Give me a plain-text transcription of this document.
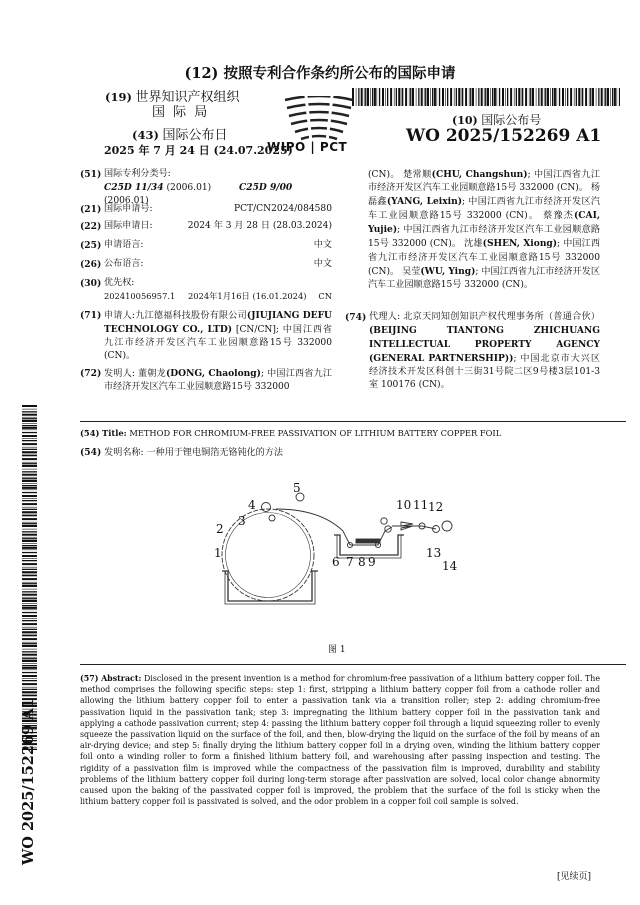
(12) 按照专利合作条约所公布的国际申请
(19) 世界知识产权组织
国 际 局
(43) 国际公布日
2025 年 7 月 24 日 (24.07.2025)
(10) 国际公布号
WO 2025/152269 A1
WIPO | PCT
(51) 国际专利分类号:
C25D 11/34 (2006.01)	C25D 9/00 (2006.01)
(21) 国际申请号:	PCT/CN2024/084580
(22) 国际申请日:	2024 年 3 月 28 日 (28.03.2024)
(25) 申请语言:	中文
(26) 公布语言:	中文
(30) 优先权:
202410056957.1 2024年1月16日 (16.01.2024) CN
(71) 申请人:九江德福科技股份有限公司(JIUJIANG DEFU TECHNOLOGY CO., LTD) [CN/CN]; 中国江西省九江市经济开发区汽车工业园顺意路15号 332000 (CN)。
(72) 发明人: 董朝龙(DONG, Chaolong); 中国江西省九江市经济开发区汽车工业园顺意路15号 332000
(CN)。 楚常顺(CHU, Changshun); 中国江西省九江市经济开发区汽车工业园顺意路15号 332000 (CN)。 杨磊鑫(YANG, Leixin); 中国江西省九江市经济开发区汽车工业园顺意路15号 332000 (CN)。 蔡豫杰(CAI, Yujie); 中国江西省九江市经济开发区汽车工业园顺意路15号 332000 (CN)。 沈雄(SHEN, Xiong); 中国江西省九江市经济开发区汽车工业园顺意路15号 332000 (CN)。 吴莹(WU, Ying); 中国江西省九江市经济开发区汽车工业园顺意路15号 332000 (CN)。
(74) 代理人: 北京天同知创知识产权代理事务所（普通合伙）(BEIJING TIANTONG ZHICHUANG INTELLECTUAL PROPERTY AGENCY (GENERAL PARTNERSHIP)); 中国北京市大兴区经济技术开发区科创十三街31号院二区9号楼3层101-3室 100176 (CN)。
WO 2025/152269 A1
(54) Title: METHOD FOR CHROMIUM-FREE PASSIVATION OF LITHIUM BATTERY COPPER FOIL
(54) 发明名称: 一种用于锂电铜箔无铬钝化的方法
1
2
3
4
5
6 7 8 9
10 11 12
13
14
图 1
(57) Abstract: Disclosed in the present invention is a method for chromium-free passivation of a lithium battery copper foil. The method comprises the following specific steps: step 1: first, stripping a lithium battery copper foil from a cathode roller and allowing the lithium battery copper foil to enter a passivation tank via a transition roller; step 2: adding chromium-free passivation liquid in the passivation tank; step 3: impregnating the lithium battery copper foil in the passivation tank and applying a cathode passivation current; step 4: passing the lithium battery copper foil through a liquid squeezing roller to evenly squeeze the passivation liquid on the surface of the foil, and then, blow-drying the liquid on the surface of the foil by means of an air-drying device; and step 5: finally drying the lithium battery copper foil in a drying oven, winding the lithium battery copper foil onto a winding roller to form a finished lithium battery foil, and warehousing after passing inspection and testing. The rigidity of a passivation film is improved while the compactness of the passivation film is improved, durability and stability problems of the lithium battery copper foil during long-term storage after passivation are solved, local color change abnormity caused upon the baking of the passivated copper foil is improved, the problem that the surface of the foil is sticky when the lithium battery copper foil is passivated is solved, and the odor problem in a copper foil coil sample is solved.
[见续页]
